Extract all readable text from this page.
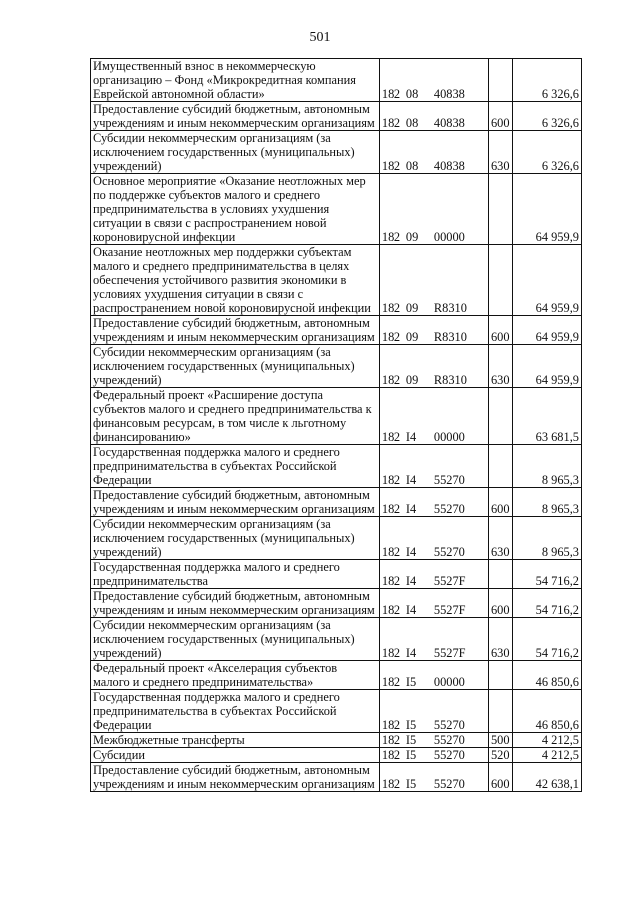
501
Имущественный взнос в некоммерческую организацию – Фонд «Микрокредитная компания Еврейской автономной области»	182 08 40838		6 326,6
Предоставление субсидий бюджетным, автономным учреждениям и иным некоммерческим организациям	182 08 40838	600	6 326,6
Субсидии некоммерческим организациям (за исключением государственных (муниципальных) учреждений)	182 08 40838	630	6 326,6
Основное мероприятие «Оказание неотложных мер по поддержке субъектов малого и среднего предпринимательства в условиях ухудшения ситуации в связи с распространением новой короновирусной инфекции	182 09 00000		64 959,9
Оказание неотложных мер поддержки субъектам малого и среднего предпринимательства в целях обеспечения устойчивого развития экономики в условиях ухудшения ситуации в связи с распространением новой короновирусной инфекции	182 09 R8310		64 959,9
Предоставление субсидий бюджетным, автономным учреждениям и иным некоммерческим организациям	182 09 R8310	600	64 959,9
Субсидии некоммерческим организациям (за исключением государственных (муниципальных) учреждений)	182 09 R8310	630	64 959,9
Федеральный проект «Расширение доступа субъектов малого и среднего предпринимательства к финансовым ресурсам, в том числе к льготному финансированию»	182 I4 00000		63 681,5
Государственная поддержка малого и среднего предпринимательства в субъектах Российской Федерации	182 I4 55270		8 965,3
Предоставление субсидий бюджетным, автономным учреждениям и иным некоммерческим организациям	182 I4 55270	600	8 965,3
Субсидии некоммерческим организациям (за исключением государственных (муниципальных) учреждений)	182 I4 55270	630	8 965,3
Государственная поддержка малого и среднего предпринимательства	182 I4 5527F		54 716,2
Предоставление субсидий бюджетным, автономным учреждениям и иным некоммерческим организациям	182 I4 5527F	600	54 716,2
Субсидии некоммерческим организациям (за исключением государственных (муниципальных) учреждений)	182 I4 5527F	630	54 716,2
Федеральный проект «Акселерация субъектов малого и среднего предпринимательства»	182 I5 00000		46 850,6
Государственная поддержка малого и среднего предпринимательства в субъектах Российской Федерации	182 I5 55270		46 850,6
Межбюджетные трансферты	182 I5 55270	500	4 212,5
Субсидии	182 I5 55270	520	4 212,5
Предоставление субсидий бюджетным, автономным учреждениям и иным некоммерческим организациям	182 I5 55270	600	42 638,1
